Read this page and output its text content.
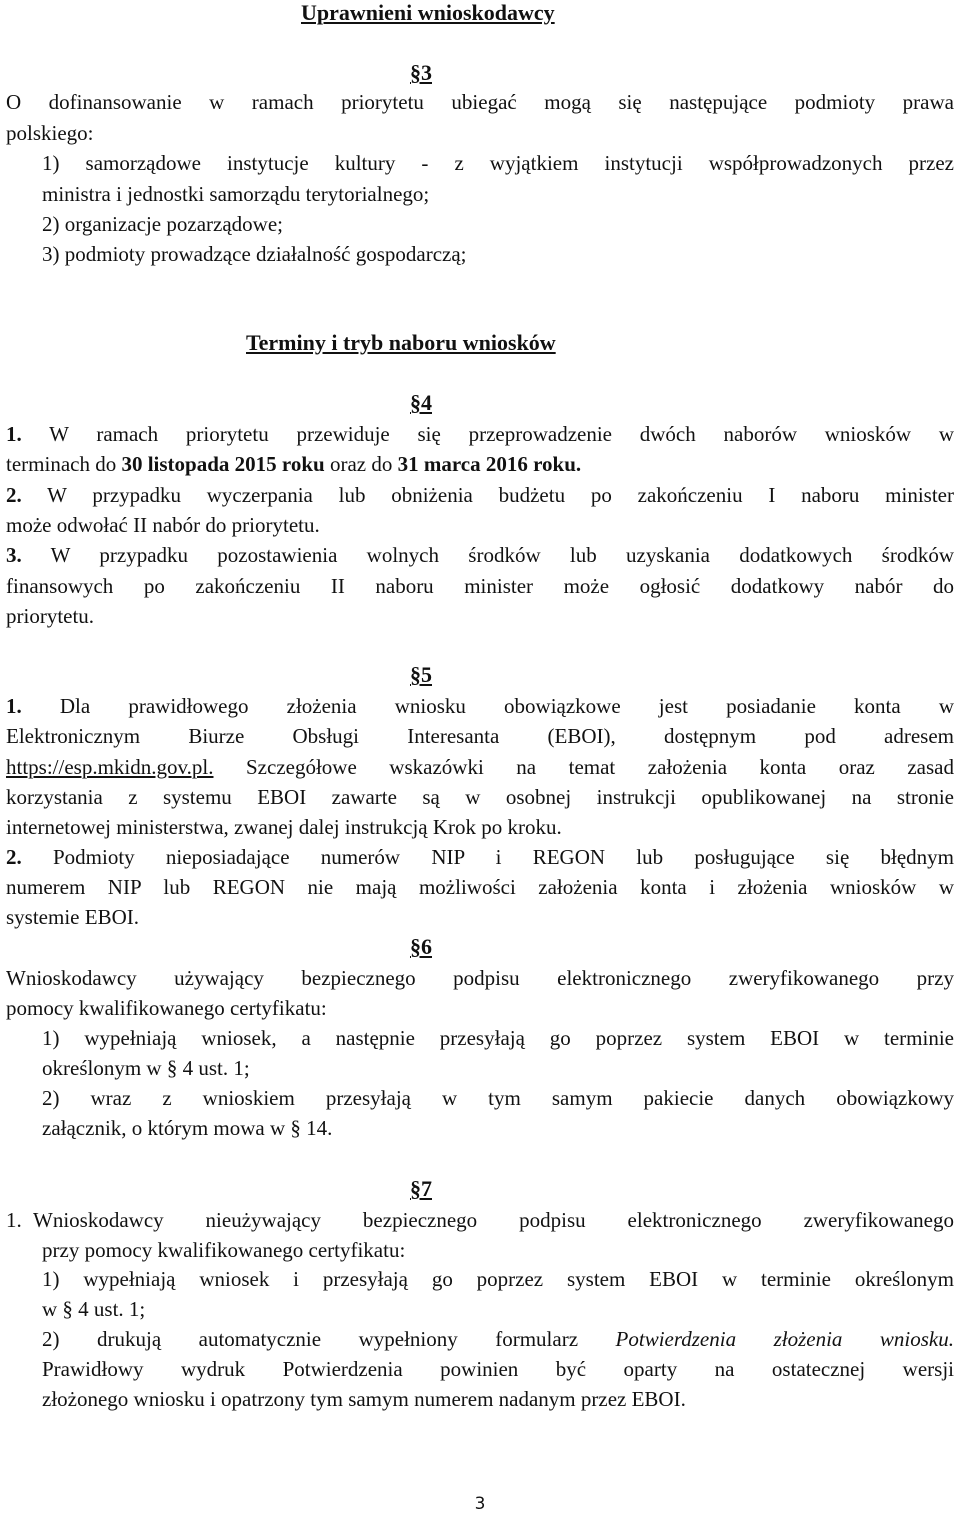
Uprawnieni wnioskodawcy
§3
O dofinansowanie w ramach priorytetu ubiegać mogą się następujące podmioty prawa
polskiego:
1) samorządowe instytucje kultury - z wyjątkiem instytucji współprowadzonych przez
ministra i jednostki samorządu terytorialnego;
2) organizacje pozarządowe;
3) podmioty prowadzące działalność gospodarczą;
Terminy i tryb naboru wniosków
§4
1. W ramach priorytetu przewiduje się przeprowadzenie dwóch naborów wniosków w
terminach do 30 listopada 2015 roku oraz do 31 marca 2016 roku.
2. W przypadku wyczerpania lub obniżenia budżetu po zakończeniu I naboru minister
może odwołać II nabór do priorytetu.
3. W przypadku pozostawienia wolnych środków lub uzyskania dodatkowych środków
finansowych po zakończeniu II naboru minister może ogłosić dodatkowy nabór do
priorytetu.
§5
1. Dla prawidłowego złożenia wniosku obowiązkowe jest posiadanie konta w
Elektronicznym Biurze Obsługi Interesanta (EBOI), dostępnym pod adresem
https://esp.mkidn.gov.pl. Szczegółowe wskazówki na temat założenia konta oraz zasad
korzystania z systemu EBOI zawarte są w osobnej instrukcji opublikowanej na stronie
internetowej ministerstwa, zwanej dalej instrukcją Krok po kroku.
2. Podmioty nieposiadające numerów NIP i REGON lub posługujące się błędnym
numerem NIP lub REGON nie mają możliwości założenia konta i złożenia wniosków w
systemie EBOI.
§6
Wnioskodawcy używający bezpiecznego podpisu elektronicznego zweryfikowanego przy
pomocy kwalifikowanego certyfikatu:
1) wypełniają wniosek, a następnie przesyłają go poprzez system EBOI w terminie
określonym w § 4 ust. 1;
2) wraz z wnioskiem przesyłają w tym samym pakiecie danych obowiązkowy
załącznik, o którym mowa w § 14.
§7
1. Wnioskodawcy nieużywający bezpiecznego podpisu elektronicznego zweryfikowanego
przy pomocy kwalifikowanego certyfikatu:
1) wypełniają wniosek i przesyłają go poprzez system EBOI w terminie określonym
w § 4 ust. 1;
2) drukują automatycznie wypełniony formularz Potwierdzenia złożenia wniosku.
Prawidłowy wydruk Potwierdzenia powinien być oparty na ostatecznej wersji
złożonego wniosku i opatrzony tym samym numerem nadanym przez EBOI.
3
